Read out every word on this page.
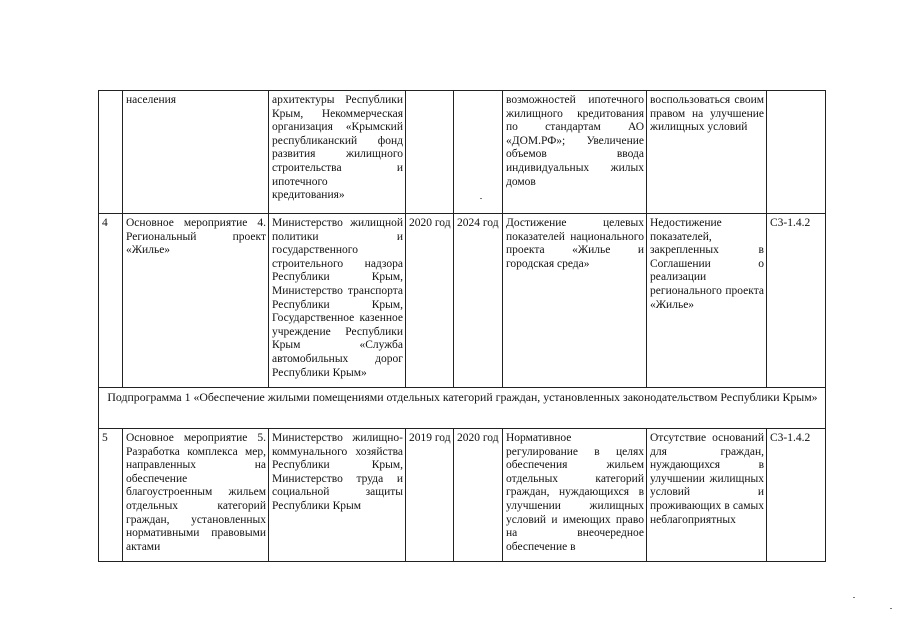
	населения	архитектуры Республики Крым, Некоммерческая организация «Крымский республиканский фонд развития жилищного строительства и ипотечного кредитования»			возможностей ипотечного жилищного кредитования по стандартам АО «ДОМ.РФ»; Увеличение объемов ввода индивидуальных жилых домов	воспользоваться своим правом на улучшение жилищных условий	
4	Основное мероприятие 4. Региональный проект «Жилье»	Министерство жилищной политики и государственного строительного надзора Республики Крым, Министерство транспорта Республики Крым, Государственное казенное учреждение Республики Крым «Служба автомобильных дорог Республики Крым»	2020 год	2024 год	Достижение целевых показателей национального проекта «Жилье и городская среда»	Недостижение показателей, закрепленных в Соглашении о реализации регионального проекта «Жилье»	С3-1.4.2
Подпрограмма 1 «Обеспечение жилыми помещениями отдельных категорий граждан, установленных законодательством Республики Крым»							
5	Основное мероприятие 5. Разработка комплекса мер, направленных на обеспечение благоустроенным жильем отдельных категорий граждан, установленных нормативными правовыми актами	Министерство жилищно-коммунального хозяйства Республики Крым, Министерство труда и социальной защиты Республики Крым	2019 год	2020 год	Нормативное регулирование в целях обеспечения жильем отдельных категорий граждан, нуждающихся в улучшении жилищных условий и имеющих право на внеочередное обеспечение в	Отсутствие оснований для граждан, нуждающихся в улучшении жилищных условий и проживающих в самых неблагоприятных	С3-1.4.2
